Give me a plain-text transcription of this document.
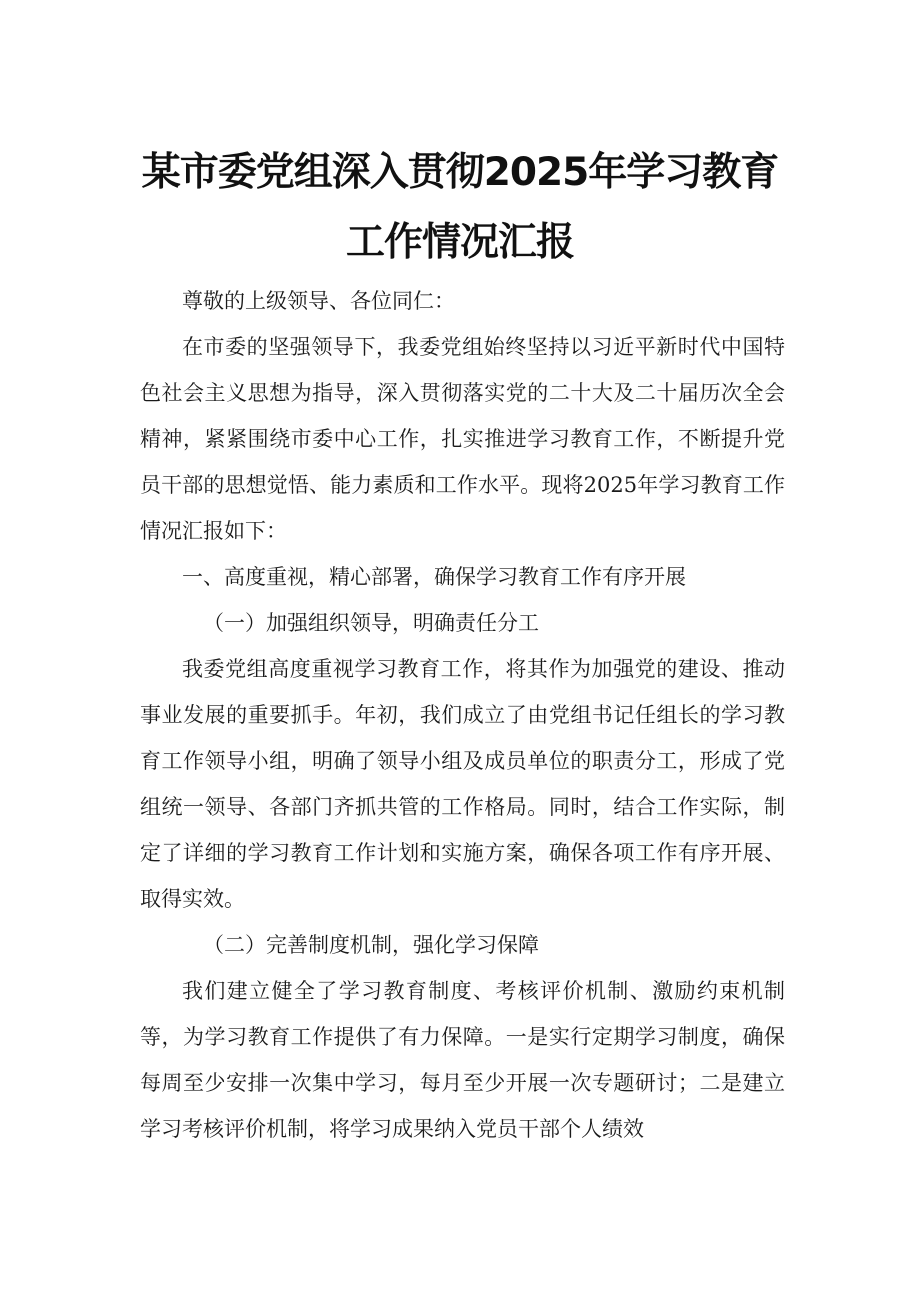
某市委党组深入贯彻2025年学习教育
工作情况汇报

尊敬的上级领导、各位同仁：

在市委的坚强领导下，我委党组始终坚持以习近平新时代中国特色社会主义思想为指导，深入贯彻落实党的二十大及二十届历次全会精神，紧紧围绕市委中心工作，扎实推进学习教育工作，不断提升党员干部的思想觉悟、能力素质和工作水平。现将2025年学习教育工作情况汇报如下：

一、高度重视，精心部署，确保学习教育工作有序开展

（一）加强组织领导，明确责任分工

我委党组高度重视学习教育工作，将其作为加强党的建设、推动事业发展的重要抓手。年初，我们成立了由党组书记任组长的学习教育工作领导小组，明确了领导小组及成员单位的职责分工，形成了党组统一领导、各部门齐抓共管的工作格局。同时，结合工作实际，制定了详细的学习教育工作计划和实施方案，确保各项工作有序开展、取得实效。

（二）完善制度机制，强化学习保障

我们建立健全了学习教育制度、考核评价机制、激励约束机制等，为学习教育工作提供了有力保障。一是实行定期学习制度，确保每周至少安排一次集中学习，每月至少开展一次专题研讨；二是建立学习考核评价机制，将学习成果纳入党员干部个人绩效
